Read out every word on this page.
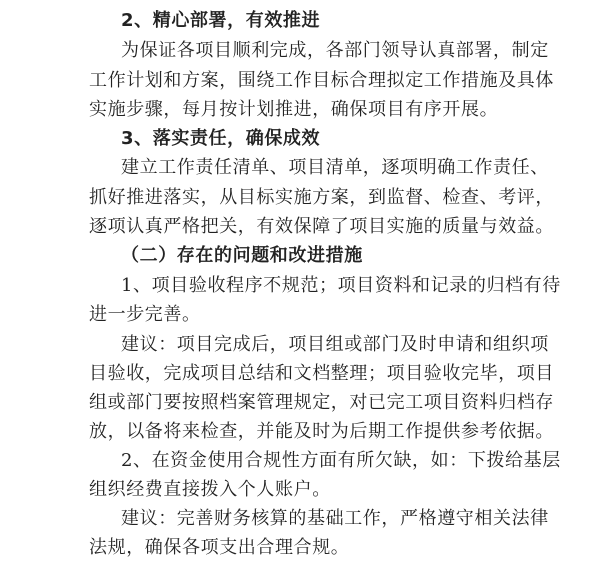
2、精心部署，有效推进
为保证各项目顺利完成，各部门领导认真部署，制定
工作计划和方案，围绕工作目标合理拟定工作措施及具体
实施步骤，每月按计划推进，确保项目有序开展。
3、落实责任，确保成效
建立工作责任清单、项目清单，逐项明确工作责任、
抓好推进落实，从目标实施方案，到监督、检查、考评，
逐项认真严格把关，有效保障了项目实施的质量与效益。
（二）存在的问题和改进措施
1、项目验收程序不规范；项目资料和记录的归档有待
进一步完善。
建议：项目完成后，项目组或部门及时申请和组织项
目验收，完成项目总结和文档整理；项目验收完毕，项目
组或部门要按照档案管理规定，对已完工项目资料归档存
放，以备将来检查，并能及时为后期工作提供参考依据。
2、在资金使用合规性方面有所欠缺，如：下拨给基层
组织经费直接拨入个人账户。
建议：完善财务核算的基础工作，严格遵守相关法律
法规，确保各项支出合理合规。
